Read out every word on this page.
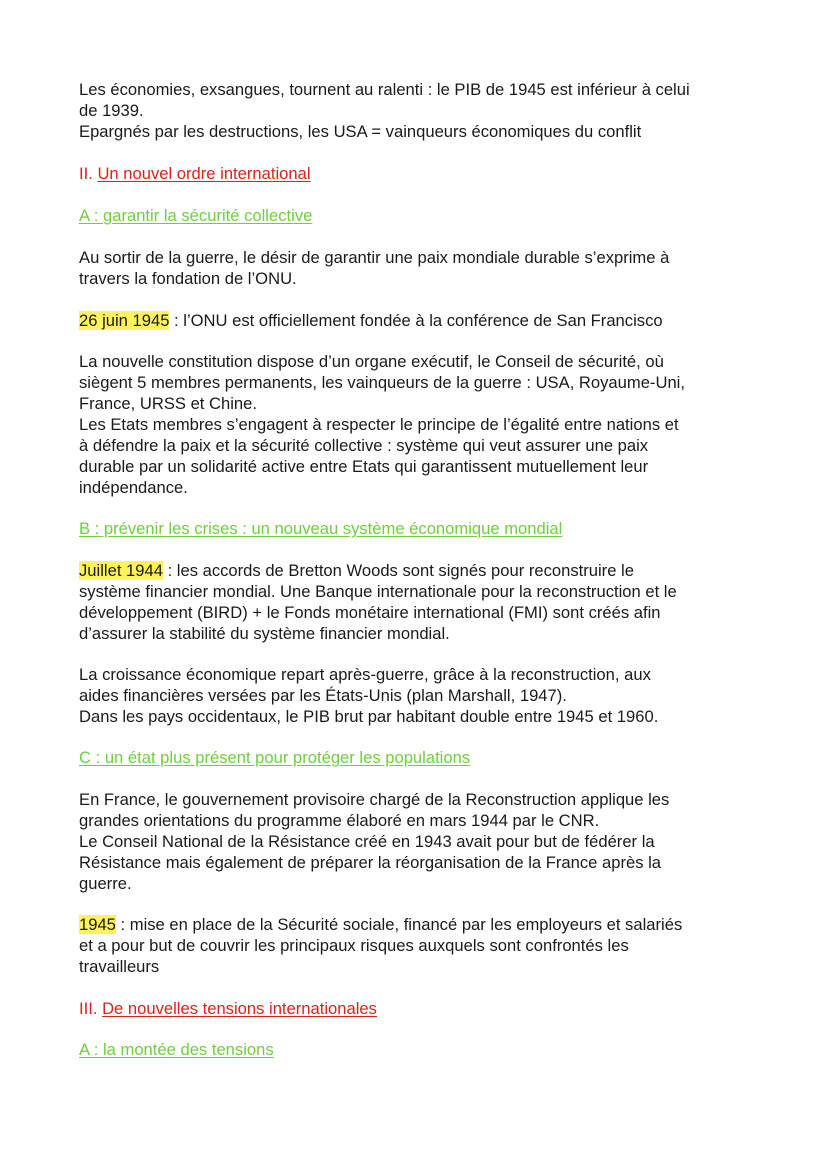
Les économies, exsangues, tournent au ralenti : le PIB de 1945 est inférieur à celui

de 1939.

Epargnés par les destructions, les USA = vainqueurs économiques du conflit

II. Un nouvel ordre international

A : garantir la sécurité collective

Au sortir de la guerre, le désir de garantir une paix mondiale durable s’exprime à

travers la fondation de l’ONU.

26 juin 1945 : l’ONU est officiellement fondée à la conférence de San Francisco

La nouvelle constitution dispose d’un organe exécutif, le Conseil de sécurité, où

siègent 5 membres permanents, les vainqueurs de la guerre : USA, Royaume-Uni,

France, URSS et Chine.

Les Etats membres s’engagent à respecter le principe de l’égalité entre nations et

à défendre la paix et la sécurité collective : système qui veut assurer une paix

durable par un solidarité active entre Etats qui garantissent mutuellement leur

indépendance.

B : prévenir les crises : un nouveau système économique mondial

Juillet 1944 : les accords de Bretton Woods sont signés pour reconstruire le

système financier mondial. Une Banque internationale pour la reconstruction et le

développement (BIRD) + le Fonds monétaire international (FMI) sont créés afin

d’assurer la stabilité du système financier mondial.

La croissance économique repart après-guerre, grâce à la reconstruction, aux

aides financières versées par les États-Unis (plan Marshall, 1947).

Dans les pays occidentaux, le PIB brut par habitant double entre 1945 et 1960.

C : un état plus présent pour protéger les populations

En France, le gouvernement provisoire chargé de la Reconstruction applique les

grandes orientations du programme élaboré en mars 1944 par le CNR.

Le Conseil National de la Résistance créé en 1943 avait pour but de fédérer la

Résistance mais également de préparer la réorganisation de la France après la

guerre.

1945 : mise en place de la Sécurité sociale, financé par les employeurs et salariés

et a pour but de couvrir les principaux risques auxquels sont confrontés les

travailleurs

III. De nouvelles tensions internationales

A : la montée des tensions
